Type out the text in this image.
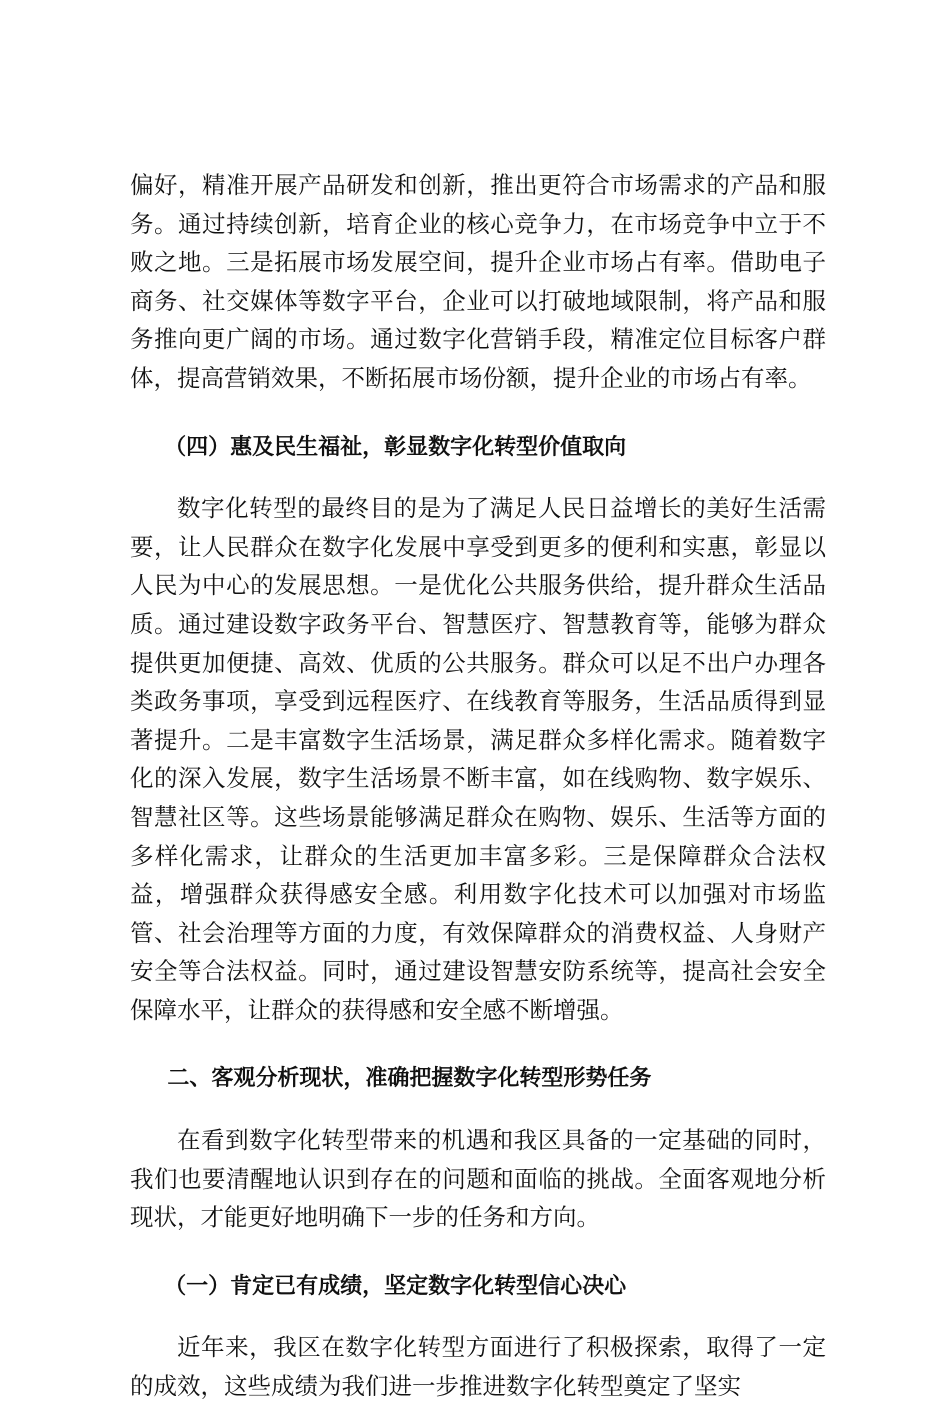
偏好，精准开展产品研发和创新，推出更符合市场需求的产品和服务。通过持续创新，培育企业的核心竞争力，在市场竞争中立于不败之地。三是拓展市场发展空间，提升企业市场占有率。借助电子商务、社交媒体等数字平台，企业可以打破地域限制，将产品和服务推向更广阔的市场。通过数字化营销手段，精准定位目标客户群体，提高营销效果，不断拓展市场份额，提升企业的市场占有率。

（四）惠及民生福祉，彰显数字化转型价值取向

数字化转型的最终目的是为了满足人民日益增长的美好生活需要，让人民群众在数字化发展中享受到更多的便利和实惠，彰显以人民为中心的发展思想。一是优化公共服务供给，提升群众生活品质。通过建设数字政务平台、智慧医疗、智慧教育等，能够为群众提供更加便捷、高效、优质的公共服务。群众可以足不出户办理各类政务事项，享受到远程医疗、在线教育等服务，生活品质得到显著提升。二是丰富数字生活场景，满足群众多样化需求。随着数字化的深入发展，数字生活场景不断丰富，如在线购物、数字娱乐、智慧社区等。这些场景能够满足群众在购物、娱乐、生活等方面的多样化需求，让群众的生活更加丰富多彩。三是保障群众合法权益，增强群众获得感安全感。利用数字化技术可以加强对市场监管、社会治理等方面的力度，有效保障群众的消费权益、人身财产安全等合法权益。同时，通过建设智慧安防系统等，提高社会安全保障水平，让群众的获得感和安全感不断增强。

二、客观分析现状，准确把握数字化转型形势任务

在看到数字化转型带来的机遇和我区具备的一定基础的同时，我们也要清醒地认识到存在的问题和面临的挑战。全面客观地分析现状，才能更好地明确下一步的任务和方向。

（一）肯定已有成绩，坚定数字化转型信心决心

近年来，我区在数字化转型方面进行了积极探索，取得了一定的成效，这些成绩为我们进一步推进数字化转型奠定了坚实
